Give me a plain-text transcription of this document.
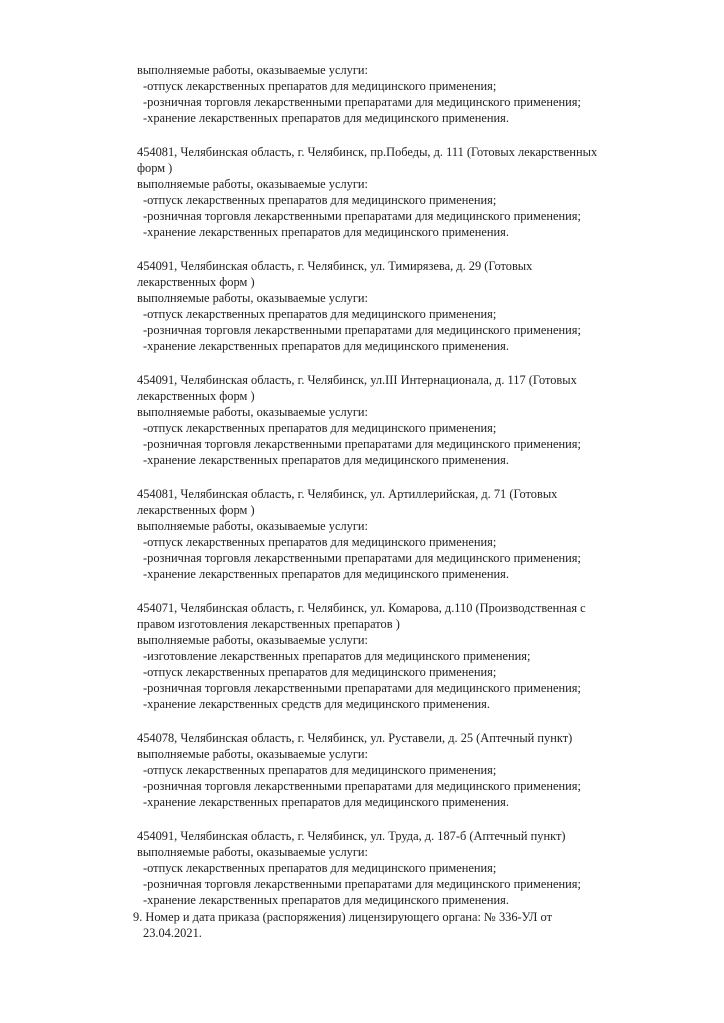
выполняемые работы, оказываемые услуги:
-отпуск лекарственных препаратов для медицинского применения;
-розничная торговля лекарственными препаратами для медицинского применения;
-хранение лекарственных препаратов для медицинского применения.
454081, Челябинская область, г. Челябинск, пр.Победы, д. 111 (Готовых лекарственных
форм )
выполняемые работы, оказываемые услуги:
-отпуск лекарственных препаратов для медицинского применения;
-розничная торговля лекарственными препаратами для медицинского применения;
-хранение лекарственных препаратов для медицинского применения.
454091, Челябинская область, г. Челябинск, ул. Тимирязева, д. 29 (Готовых
лекарственных форм )
выполняемые работы, оказываемые услуги:
-отпуск лекарственных препаратов для медицинского применения;
-розничная торговля лекарственными препаратами для медицинского применения;
-хранение лекарственных препаратов для медицинского применения.
454091, Челябинская область, г. Челябинск, ул.III Интернационала, д. 117 (Готовых
лекарственных форм )
выполняемые работы, оказываемые услуги:
-отпуск лекарственных препаратов для медицинского применения;
-розничная торговля лекарственными препаратами для медицинского применения;
-хранение лекарственных препаратов для медицинского применения.
454081, Челябинская область, г. Челябинск, ул. Артиллерийская, д. 71 (Готовых
лекарственных форм )
выполняемые работы, оказываемые услуги:
-отпуск лекарственных препаратов для медицинского применения;
-розничная торговля лекарственными препаратами для медицинского применения;
-хранение лекарственных препаратов для медицинского применения.
454071, Челябинская область, г. Челябинск, ул. Комарова, д.110 (Производственная с
правом изготовления лекарственных препаратов )
выполняемые работы, оказываемые услуги:
-изготовление лекарственных препаратов для медицинского применения;
-отпуск лекарственных препаратов для медицинского применения;
-розничная торговля лекарственными препаратами для медицинского применения;
-хранение лекарственных средств для медицинского применения.
454078, Челябинская область, г. Челябинск, ул. Руставели, д. 25 (Аптечный пункт)
выполняемые работы, оказываемые услуги:
-отпуск лекарственных препаратов для медицинского применения;
-розничная торговля лекарственными препаратами для медицинского применения;
-хранение лекарственных препаратов для медицинского применения.
454091, Челябинская область, г. Челябинск, ул. Труда, д. 187-б (Аптечный пункт)
выполняемые работы, оказываемые услуги:
-отпуск лекарственных препаратов для медицинского применения;
-розничная торговля лекарственными препаратами для медицинского применения;
-хранение лекарственных препаратов для медицинского применения.
9. Номер и дата приказа (распоряжения) лицензирующего органа: № 336-УЛ от
23.04.2021.
